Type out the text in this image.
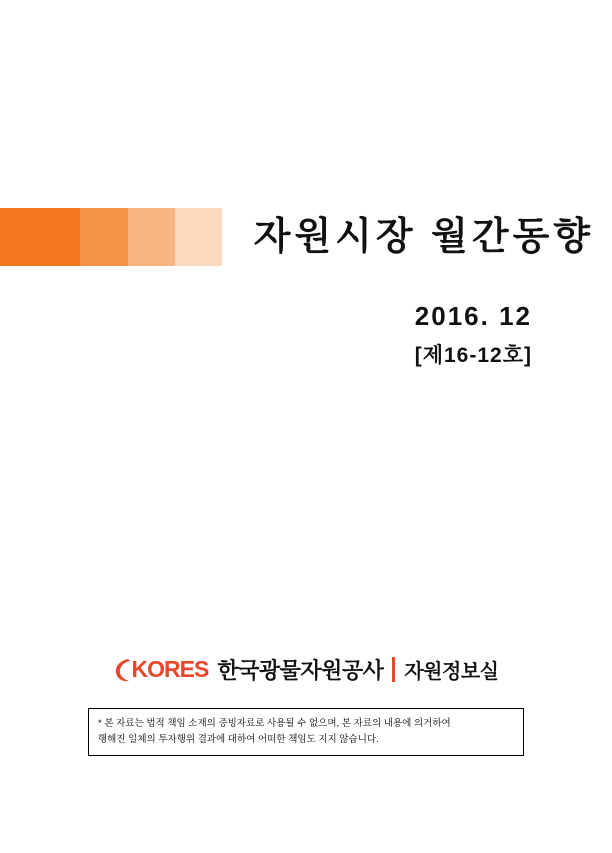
자원시장 월간동향
2016. 12
[제16-12호]
KORES 한국광물자원공사 자원정보실
* 본 자료는 법적 책임 소재의 증빙자료로 사용될 수 없으며, 본 자료의 내용에 의거하여
행해진 일체의 투자행위 결과에 대하여 어떠한 책임도 지지 않습니다.
